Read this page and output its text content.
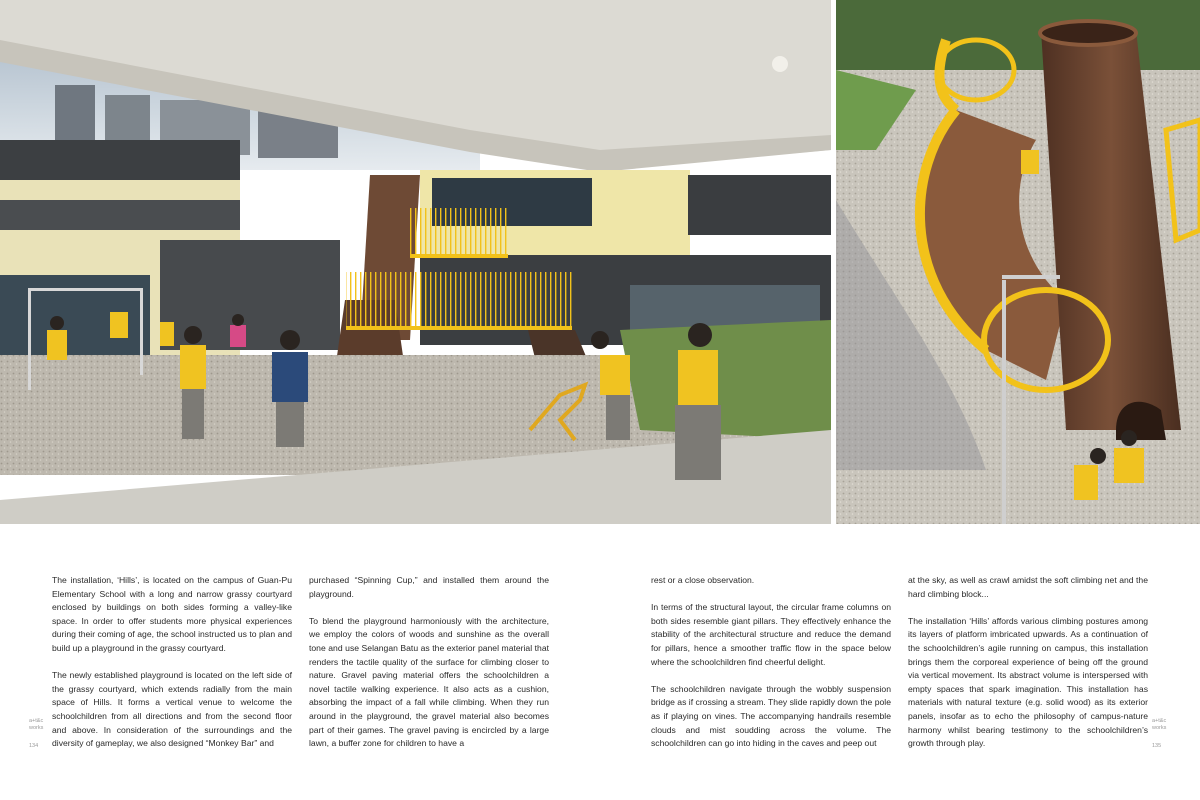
The installation, ‘Hills’, is located on the campus of Guan-Pu Elementary School with a long and narrow grassy courtyard enclosed by buildings on both sides forming a valley-like space. In order to offer students more physical experiences during their coming of age, the school instructed us to plan and build up a playground in the grassy courtyard.

The newly established playground is located on the left side of the grassy courtyard, which extends radially from the main space of Hills. It forms a vertical venue to welcome the schoolchildren from all directions and from the second floor and above. In consideration of the surroundings and the diversity of gameplay, we also designed “Monkey Bar” and

purchased “Spinning Cup,” and installed them around the playground.

To blend the playground harmoniously with the architecture, we employ the colors of woods and sunshine as the overall tone and use Selangan Batu as the exterior panel material that renders the tactile quality of the surface for climbing closer to nature. Gravel paving material offers the schoolchildren a novel tactile walking experience. It also acts as a cushion, absorbing the impact of a fall while climbing. When they run around in the playground, the gravel material also becomes part of their games. The gravel paving is encircled by a large lawn, a buffer zone for children to have a

rest or a close observation.

In terms of the structural layout, the circular frame columns on both sides resemble giant pillars. They effectively enhance the stability of the architectural structure and reduce the demand for pillars, hence a smoother traffic flow in the space below where the schoolchildren find cheerful delight.

The schoolchildren navigate through the wobbly suspension bridge as if crossing a stream. They slide rapidly down the pole as if playing on vines. The accompanying handrails resemble clouds and mist soudding across the volume. The schoolchildren can go into hiding in the caves and peep out

at the sky, as well as crawl amidst the soft climbing net and the hard climbing block...

The installation ‘Hills’ affords various climbing postures among its layers of platform imbricated upwards. As a continuation of the schoolchildren’s agile running on campus, this installation brings them the corporeal experience of being off the ground via vertical movement. Its abstract volume is interspersed with empty spaces that spark imagination. This installation has materials with natural texture (e.g. solid wood) as its exterior panels, insofar as to echo the philosophy of campus-nature harmony whilst bearing testimony to the schoolchildren’s growth through play.

a+t&c
works
134
a+t&c
works
135
